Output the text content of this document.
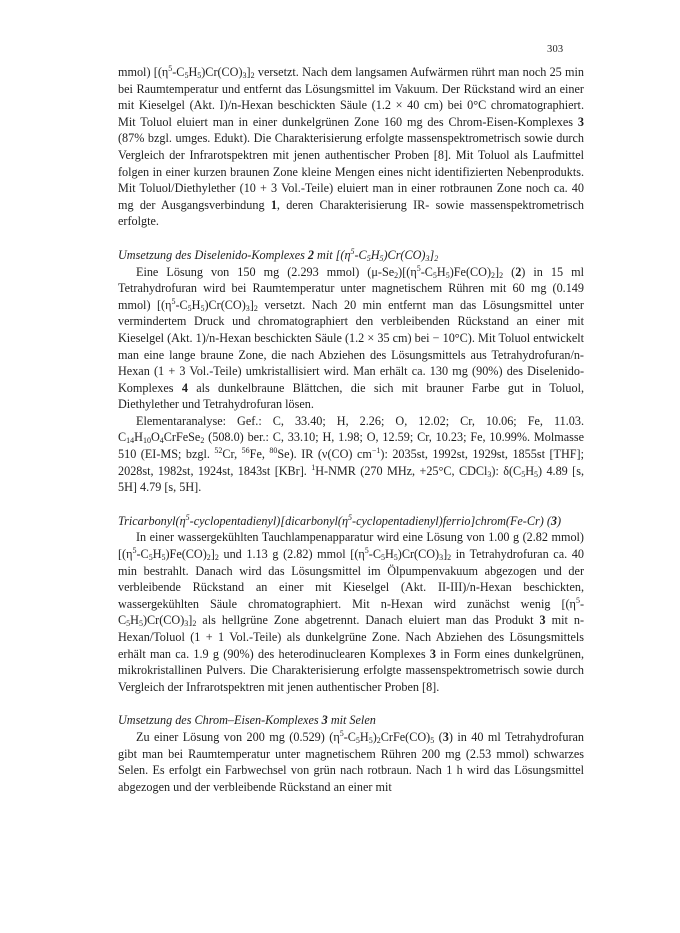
303

mmol) $[(\eta^5-C_5H_5)Cr(CO)_3]_2$ versetzt. Nach dem langsamen Aufwärmen rührt man noch 25 min bei Raumtemperatur und entfernt das Lösungsmittel im Vakuum. Der Rückstand wird an einer mit Kieselgel (Akt. I)/n-Hexan beschickten Säule (1.2 × 40 cm) bei 0°C chromatographiert. Mit Toluol eluiert man in einer dunkelgrünen Zone 160 mg des Chrom-Eisen-Komplexes 3 (87% bzgl. umges. Edukt). Die Charakterisierung erfolgte massenspektrometrisch sowie durch Vergleich der Infrarotspektren mit jenen authentischer Proben [8]. Mit Toluol als Laufmittel folgen in einer kurzen braunen Zone kleine Mengen eines nicht identifizierten Nebenprodukts. Mit Toluol/Diethylether (10 + 3 Vol.-Teile) eluiert man in einer rotbraunen Zone noch ca. 40 mg der Ausgangsverbindung 1, deren Charakterisierung IR- sowie massenspektrometrisch erfolgte.

Umsetzung des Diselenido-Komplexes 2 mit $[(\eta^5-C_5H_5)Cr(CO)_3]_2$

Eine Lösung von 150 mg (2.293 mmol) $(\mu-Se_2)[(\eta^5-C_5H_5)Fe(CO)_2]_2$ (2) in 15 ml Tetrahydrofuran wird bei Raumtemperatur unter magnetischem Rühren mit 60 mg (0.149 mmol) $[(\eta^5-C_5H_5)Cr(CO)_3]_2$ versetzt. Nach 20 min entfernt man das Lösungsmittel unter vermindertem Druck und chromatographiert den verbleibenden Rückstand an einer mit Kieselgel (Akt. 1)/n-Hexan beschickten Säule (1.2 × 35 cm) bei − 10°C). Mit Toluol entwickelt man eine lange braune Zone, die nach Abziehen des Lösungsmittels aus Tetrahydrofuran/n-Hexan (1 + 3 Vol.-Teile) umkristallisiert wird. Man erhält ca. 130 mg (90%) des Diselenido-Komplexes 4 als dunkelbraune Blättchen, die sich mit brauner Farbe gut in Toluol, Diethylether und Tetrahydrofuran lösen.

Elementaranalyse: Gef.: C, 33.40; H, 2.26; O, 12.02; Cr, 10.06; Fe, 11.03. $C_{14}H_{10}O_4CrFeSe_2$ (508.0) ber.: C, 33.10; H, 1.98; O, 12.59; Cr, 10.23; Fe, 10.99%. Molmasse 510 (EI-MS; bzgl. $^{52}$Cr, $^{56}$Fe, $^{80}$Se). IR (ν(CO) $cm^{-1}$): 2035st, 1992st, 1929st, 1855st [THF]; 2028st, 1982st, 1924st, 1843st [KBr]. $^1$H-NMR (270 MHz, +25°C, CDCl$_3$): $\delta(C_5H_5)$ 4.89 [s, 5H] 4.79 [s, 5H].

$Tricarbonyl(\eta^5-cyclopentadienyl)[dicarbonyl(\eta^5-cyclopentadienyl)ferrio]chrom(Fe-Cr)$ (3)

In einer wassergekühlten Tauchlampenapparatur wird eine Lösung von 1.00 g (2.82 mmol) $[(\eta^5-C_5H_5)Fe(CO)_2]_2$ und 1.13 g (2.82) mmol $[(\eta^5-C_5H_5)Cr(CO)_3]_2$ in Tetrahydrofuran ca. 40 min bestrahlt. Danach wird das Lösungsmittel im Ölpumpenvakuum abgezogen und der verbleibende Rückstand an einer mit Kieselgel (Akt. II-III)/n-Hexan beschickten, wassergekühlten Säule chromatographiert. Mit n-Hexan wird zunächst wenig $[(\eta^5-C_5H_5)Cr(CO)_3]_2$ als hellgrüne Zone abgetrennt. Danach eluiert man das Produkt 3 mit n-Hexan/Toluol (1 + 1 Vol.-Teile) als dunkelgrüne Zone. Nach Abziehen des Lösungsmittels erhält man ca. 1.9 g (90%) des heterodinuclearen Komplexes 3 in Form eines dunkelgrünen, mikrokristallinen Pulvers. Die Charakterisierung erfolgte massenspektrometrisch sowie durch Vergleich der Infrarotspektren mit jenen authentischer Proben [8].

Umsetzung des Chrom–Eisen-Komplexes 3 mit Selen

Zu einer Lösung von 200 mg (0.529) $(\eta^5-C_5H_5)_2CrFe(CO)_5$ (3) in 40 ml Tetrahydrofuran gibt man bei Raumtemperatur unter magnetischem Rühren 200 mg (2.53 mmol) schwarzes Selen. Es erfolgt ein Farbwechsel von grün nach rotbraun. Nach 1 h wird das Lösungsmittel abgezogen und der verbleibende Rückstand an einer mit
